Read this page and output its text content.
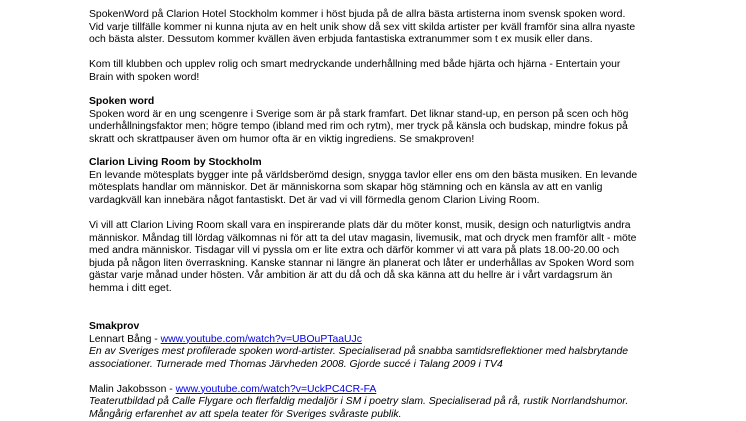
SpokenWord på Clarion Hotel Stockholm kommer i höst bjuda på de allra bästa artisterna inom svensk spoken word.

Vid varje tillfälle kommer ni kunna njuta av en helt unik show då sex vitt skilda artister per kväll framför sina allra nyaste

och bästa alster. Dessutom kommer kvällen även erbjuda fantastiska extranummer som t ex musik eller dans.

Kom till klubben och upplev rolig och smart medryckande underhållning med både hjärta och hjärna - Entertain your

Brain with spoken word!

Spoken word

Spoken word är en ung scengenre i Sverige som är på stark framfart. Det liknar stand-up, en person på scen och hög

underhållningsfaktor men; högre tempo (ibland med rim och rytm), mer tryck på känsla och budskap, mindre fokus på

skratt och skrattpauser även om humor ofta är en viktig ingrediens. Se smakproven!

Clarion Living Room by Stockholm

En levande mötesplats bygger inte på världsberömd design, snygga tavlor eller ens om den bästa musiken. En levande

mötesplats handlar om människor. Det är människorna som skapar hög stämning och en känsla av att en vanlig

vardagkväll kan innebära något fantastiskt. Det är vad vi vill förmedla genom Clarion Living Room.

Vi vill att Clarion Living Room skall vara en inspirerande plats där du möter konst, musik, design och naturligtvis andra

människor. Måndag till lördag välkomnas ni för att ta del utav magasin, livemusik, mat och dryck men framför allt - möte

med andra människor. Tisdagar vill vi pyssla om er lite extra och därför kommer vi att vara på plats 18.00-20.00 och

bjuda på någon liten överraskning. Kanske stannar ni längre än planerat och låter er underhållas av Spoken Word som

gästar varje månad under hösten. Vår ambition är att du då och då ska känna att du hellre är i vårt vardagsrum än

hemma i ditt eget.

Smakprov

Lennart Bång - www.youtube.com/watch?v=UBOuPTaaUJc

En av Sveriges mest profilerade spoken word-artister. Specialiserad på snabba samtidsreflektioner med halsbrytande

associationer. Turnerade med Thomas Järvheden 2008. Gjorde succé i Talang 2009 i TV4

Malin Jakobsson - www.youtube.com/watch?v=UckPC4CR-FA

Teaterutbildad på Calle Flygare och flerfaldig medaljör i SM i poetry slam. Specialiserad på rå, rustik Norrlandshumor.

Mångårig erfarenhet av att spela teater för Sveriges svåraste publik.
